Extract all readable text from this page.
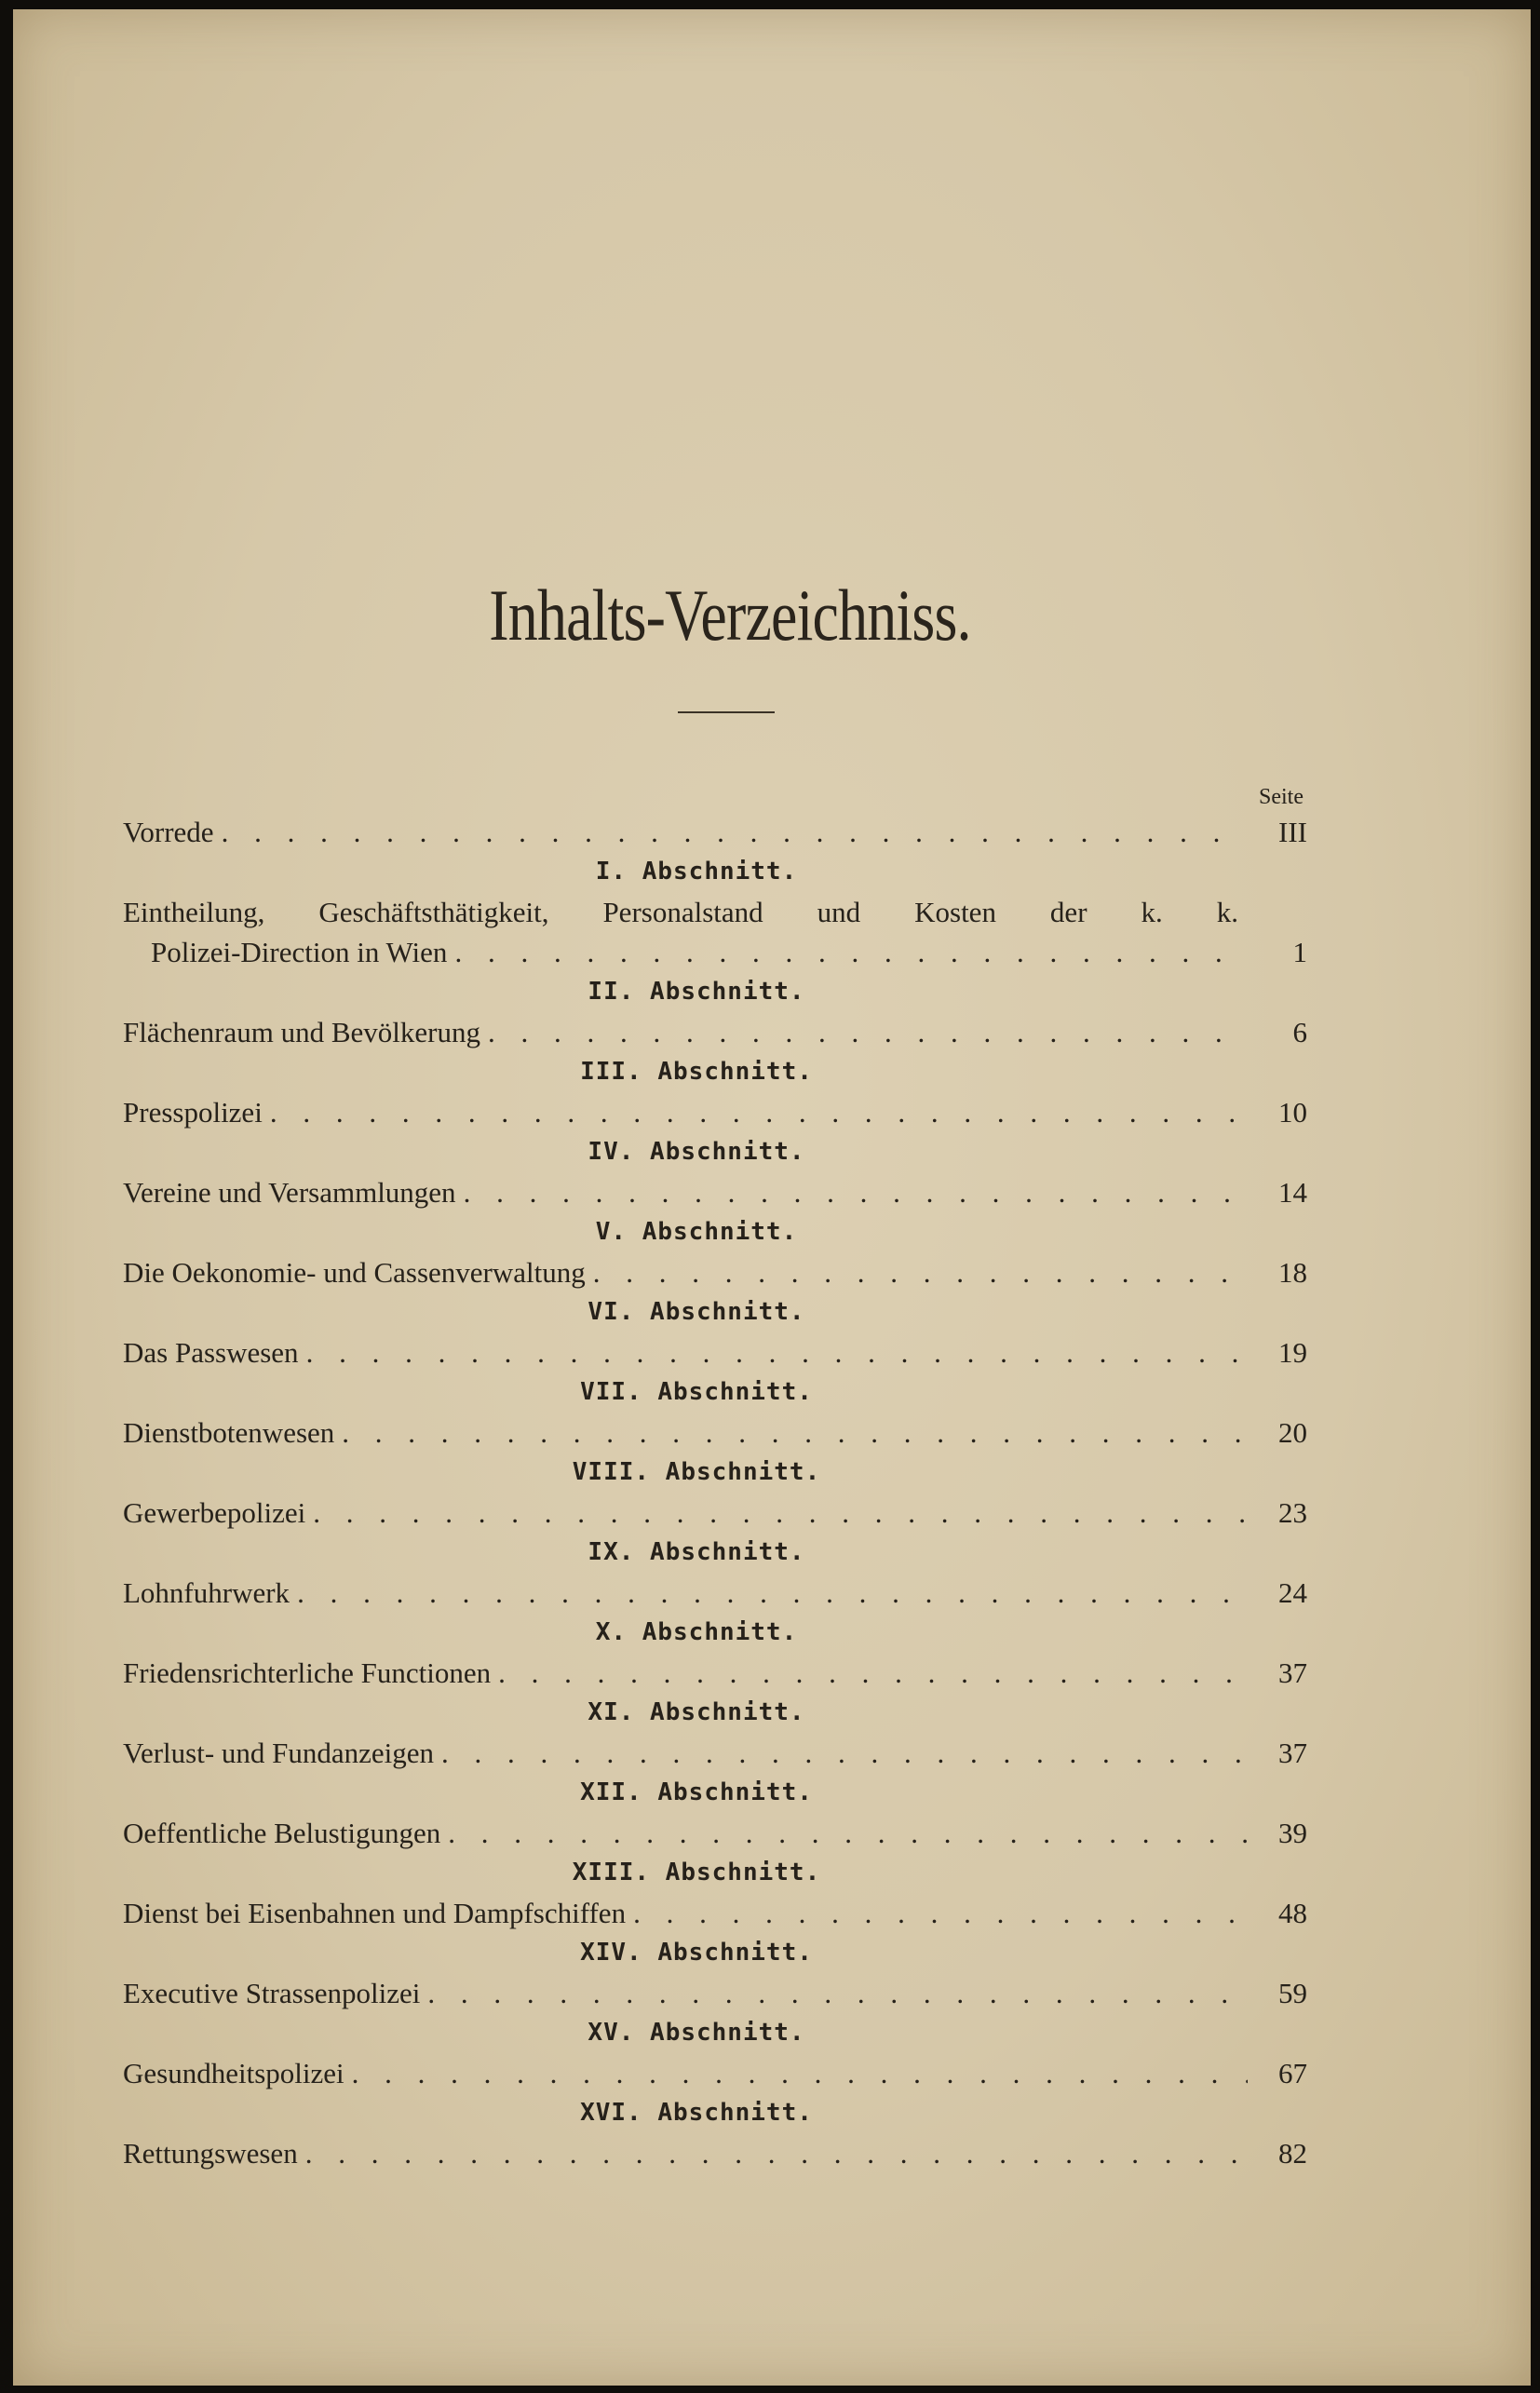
Inhalts-Verzeichniss.
Seite
Vorrede . . .	III
I. Abschnitt.
Eintheilung, Geschäftsthätigkeit, Personalstand und Kosten der k. k.
Polizei-Direction in Wien . . .	1
II. Abschnitt.
Flächenraum und Bevölkerung . . .	6
III. Abschnitt.
Presspolizei . . .	10
IV. Abschnitt.
Vereine und Versammlungen . . .	14
V. Abschnitt.
Die Oekonomie- und Cassenverwaltung . . .	18
VI. Abschnitt.
Das Passwesen . . .	19
VII. Abschnitt.
Dienstbotenwesen . . .	20
VIII. Abschnitt.
Gewerbepolizei . . .	23
IX. Abschnitt.
Lohnfuhrwerk . . .	24
X. Abschnitt.
Friedensrichterliche Functionen . . .	37
XI. Abschnitt.
Verlust- und Fundanzeigen . . .	37
XII. Abschnitt.
Oeffentliche Belustigungen . . .	39
XIII. Abschnitt.
Dienst bei Eisenbahnen und Dampfschiffen . . .	48
XIV. Abschnitt.
Executive Strassenpolizei . . .	59
XV. Abschnitt.
Gesundheitspolizei . . .	67
XVI. Abschnitt.
Rettungswesen . . .	82
